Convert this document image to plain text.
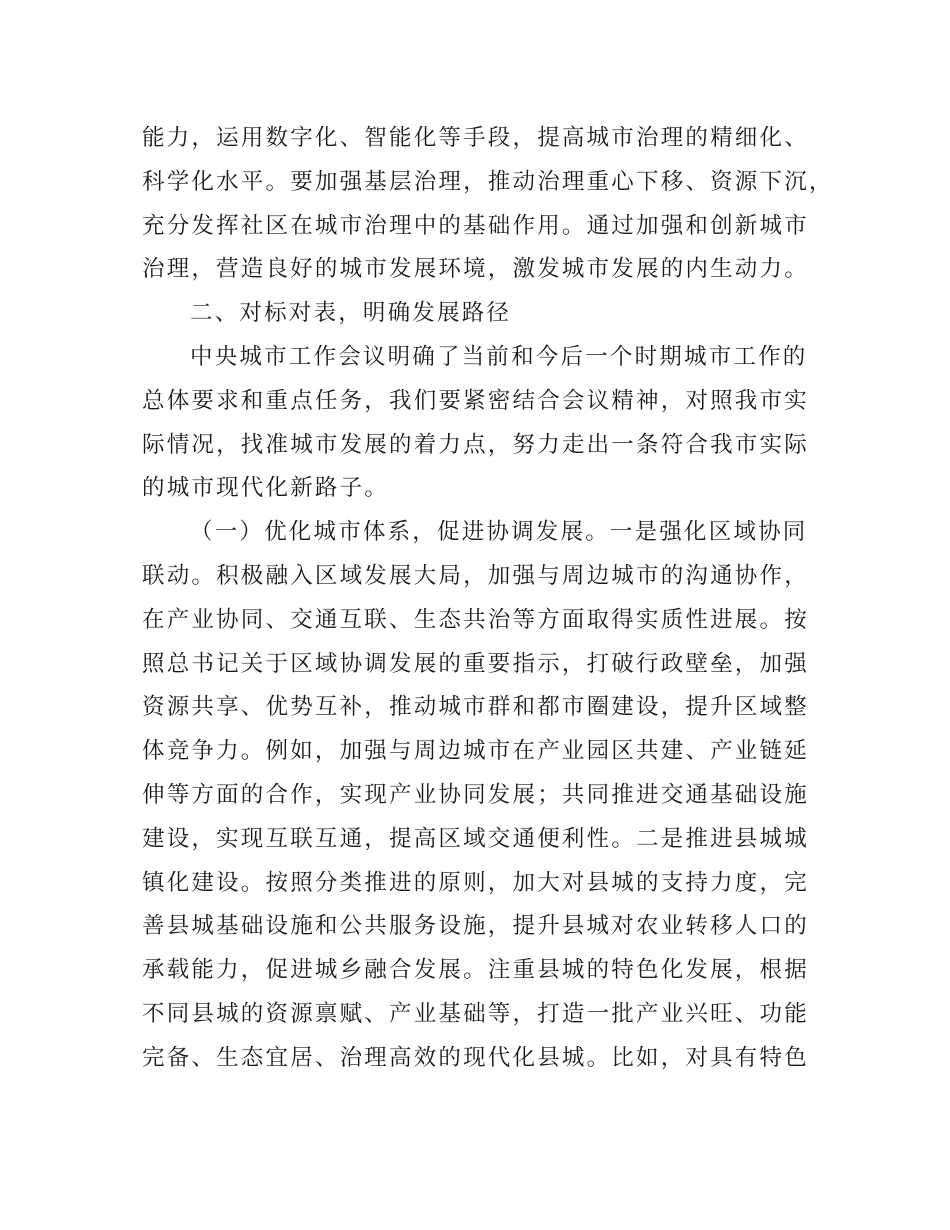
能力，运用数字化、智能化等手段，提高城市治理的精细化、
科学化水平。要加强基层治理，推动治理重心下移、资源下沉，
充分发挥社区在城市治理中的基础作用。通过加强和创新城市
治理，营造良好的城市发展环境，激发城市发展的内生动力。
二、对标对表，明确发展路径
中央城市工作会议明确了当前和今后一个时期城市工作的
总体要求和重点任务，我们要紧密结合会议精神，对照我市实
际情况，找准城市发展的着力点，努力走出一条符合我市实际
的城市现代化新路子。
（一）优化城市体系，促进协调发展。一是强化区域协同
联动。积极融入区域发展大局，加强与周边城市的沟通协作，
在产业协同、交通互联、生态共治等方面取得实质性进展。按
照总书记关于区域协调发展的重要指示，打破行政壁垒，加强
资源共享、优势互补，推动城市群和都市圈建设，提升区域整
体竞争力。例如，加强与周边城市在产业园区共建、产业链延
伸等方面的合作，实现产业协同发展；共同推进交通基础设施
建设，实现互联互通，提高区域交通便利性。二是推进县城城
镇化建设。按照分类推进的原则，加大对县城的支持力度，完
善县城基础设施和公共服务设施，提升县城对农业转移人口的
承载能力，促进城乡融合发展。注重县城的特色化发展，根据
不同县城的资源禀赋、产业基础等，打造一批产业兴旺、功能
完备、生态宜居、治理高效的现代化县城。比如，对具有特色
